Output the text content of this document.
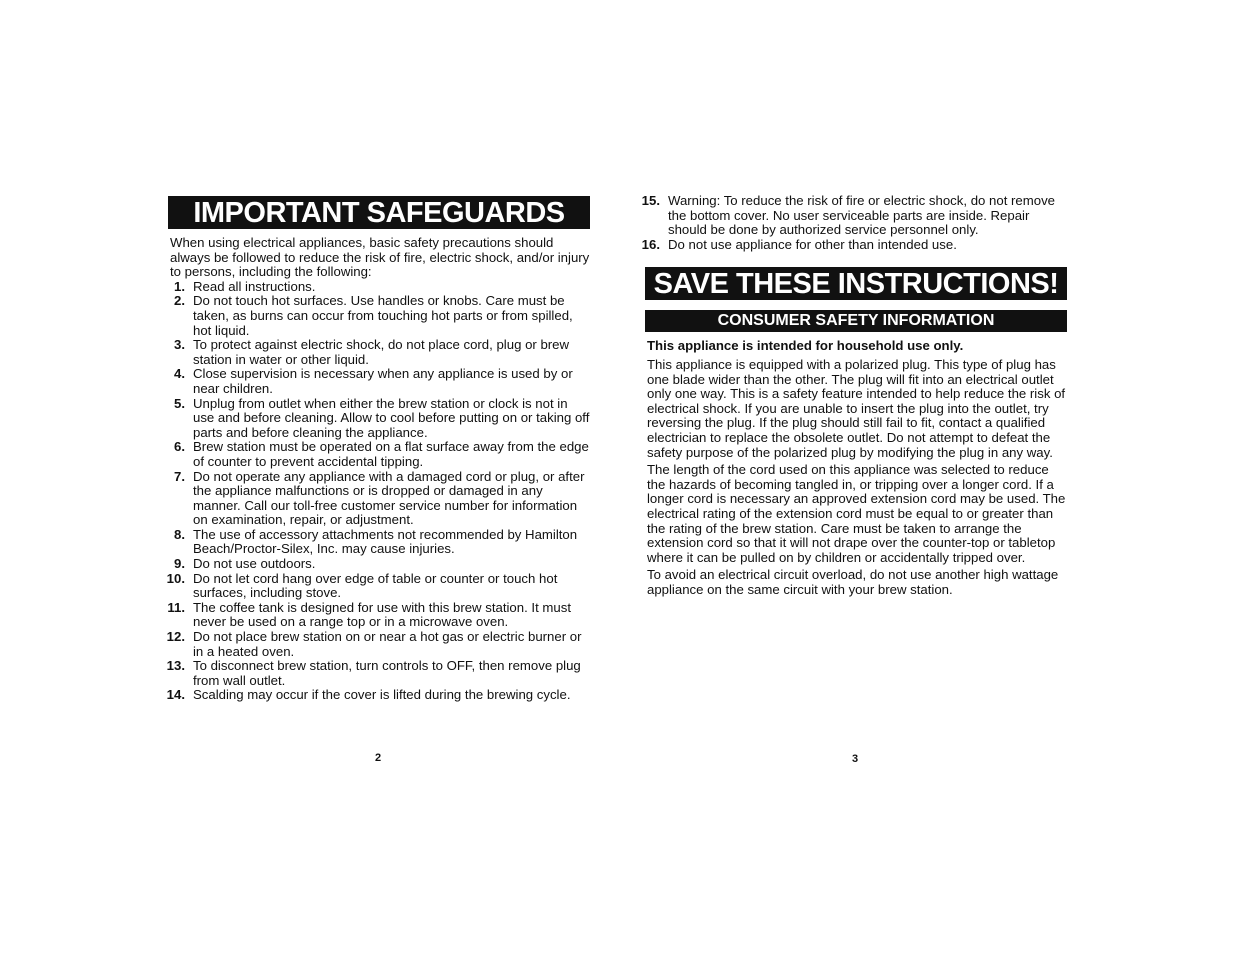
IMPORTANT SAFEGUARDS

When using electrical appliances, basic safety precautions should always be followed to reduce the risk of fire, electric shock, and/or injury to persons, including the following:

1. Read all instructions.
2. Do not touch hot surfaces. Use handles or knobs. Care must be taken, as burns can occur from touching hot parts or from spilled, hot liquid.
3. To protect against electric shock, do not place cord, plug or brew station in water or other liquid.
4. Close supervision is necessary when any appliance is used by or near children.
5. Unplug from outlet when either the brew station or clock is not in use and before cleaning. Allow to cool before putting on or taking off parts and before cleaning the appliance.
6. Brew station must be operated on a flat surface away from the edge of counter to prevent accidental tipping.
7. Do not operate any appliance with a damaged cord or plug, or after the appliance malfunctions or is dropped or damaged in any manner. Call our toll-free customer service number for information on examination, repair, or adjustment.
8. The use of accessory attachments not recommended by Hamilton Beach/Proctor-Silex, Inc. may cause injuries.
9. Do not use outdoors.
10. Do not let cord hang over edge of table or counter or touch hot surfaces, including stove.
11. The coffee tank is designed for use with this brew station. It must never be used on a range top or in a microwave oven.
12. Do not place brew station on or near a hot gas or electric burner or in a heated oven.
13. To disconnect brew station, turn controls to OFF, then remove plug from wall outlet.
14. Scalding may occur if the cover is lifted during the brewing cycle.
15. Warning: To reduce the risk of fire or electric shock, do not remove the bottom cover. No user serviceable parts are inside. Repair should be done by authorized service personnel only.
16. Do not use appliance for other than intended use.
SAVE THESE INSTRUCTIONS!
CONSUMER SAFETY INFORMATION

This appliance is intended for household use only.

This appliance is equipped with a polarized plug. This type of plug has one blade wider than the other. The plug will fit into an electrical outlet only one way. This is a safety feature intended to help reduce the risk of electrical shock. If you are unable to insert the plug into the outlet, try reversing the plug. If the plug should still fail to fit, contact a qualified electrician to replace the obsolete outlet. Do not attempt to defeat the safety purpose of the polarized plug by modifying the plug in any way.

The length of the cord used on this appliance was selected to reduce the hazards of becoming tangled in, or tripping over a longer cord. If a longer cord is necessary an approved extension cord may be used. The electrical rating of the extension cord must be equal to or greater than the rating of the brew station. Care must be taken to arrange the extension cord so that it will not drape over the counter-top or tabletop where it can be pulled on by children or accidentally tripped over.

To avoid an electrical circuit overload, do not use another high wattage appliance on the same circuit with your brew station.

2	3
